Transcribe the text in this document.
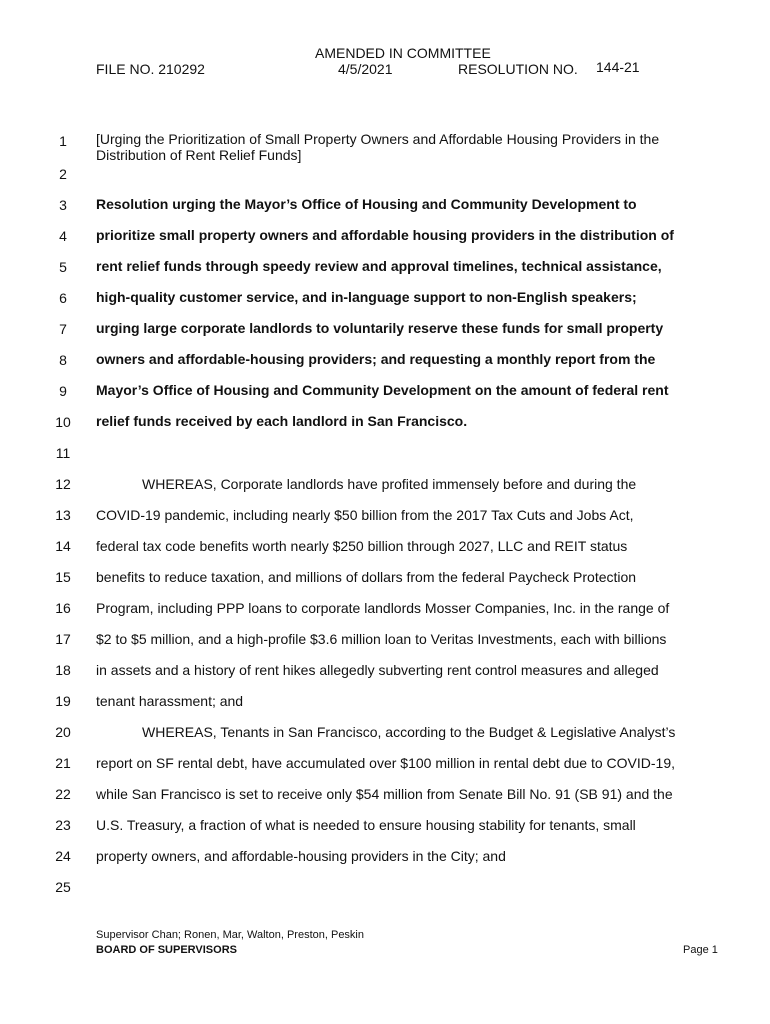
AMENDED IN COMMITTEE
FILE NO. 210292	4/5/2021	RESOLUTION NO. 144-21
1
2
3
4
5
6
7
8
9
10
11
12
13
14
15
16
17
18
19
20
21
22
23
24
25
[Urging the Prioritization of Small Property Owners and Affordable Housing Providers in the
Distribution of Rent Relief Funds]
Resolution urging the Mayor’s Office of Housing and Community Development to
prioritize small property owners and affordable housing providers in the distribution of
rent relief funds through speedy review and approval timelines, technical assistance,
high-quality customer service, and in-language support to non-English speakers;
urging large corporate landlords to voluntarily reserve these funds for small property
owners and affordable-housing providers; and requesting a monthly report from the
Mayor’s Office of Housing and Community Development on the amount of federal rent
relief funds received by each landlord in San Francisco.
WHEREAS, Corporate landlords have profited immensely before and during the
COVID-19 pandemic, including nearly $50 billion from the 2017 Tax Cuts and Jobs Act,
federal tax code benefits worth nearly $250 billion through 2027, LLC and REIT status
benefits to reduce taxation, and millions of dollars from the federal Paycheck Protection
Program, including PPP loans to corporate landlords Mosser Companies, Inc. in the range of
$2 to $5 million, and a high-profile $3.6 million loan to Veritas Investments, each with billions
in assets and a history of rent hikes allegedly subverting rent control measures and alleged
tenant harassment; and
WHEREAS, Tenants in San Francisco, according to the Budget & Legislative Analyst’s
report on SF rental debt, have accumulated over $100 million in rental debt due to COVID-19,
while San Francisco is set to receive only $54 million from Senate Bill No. 91 (SB 91) and the
U.S. Treasury, a fraction of what is needed to ensure housing stability for tenants, small
property owners, and affordable-housing providers in the City; and
Supervisor Chan; Ronen, Mar, Walton, Preston, Peskin
BOARD OF SUPERVISORS	Page 1
